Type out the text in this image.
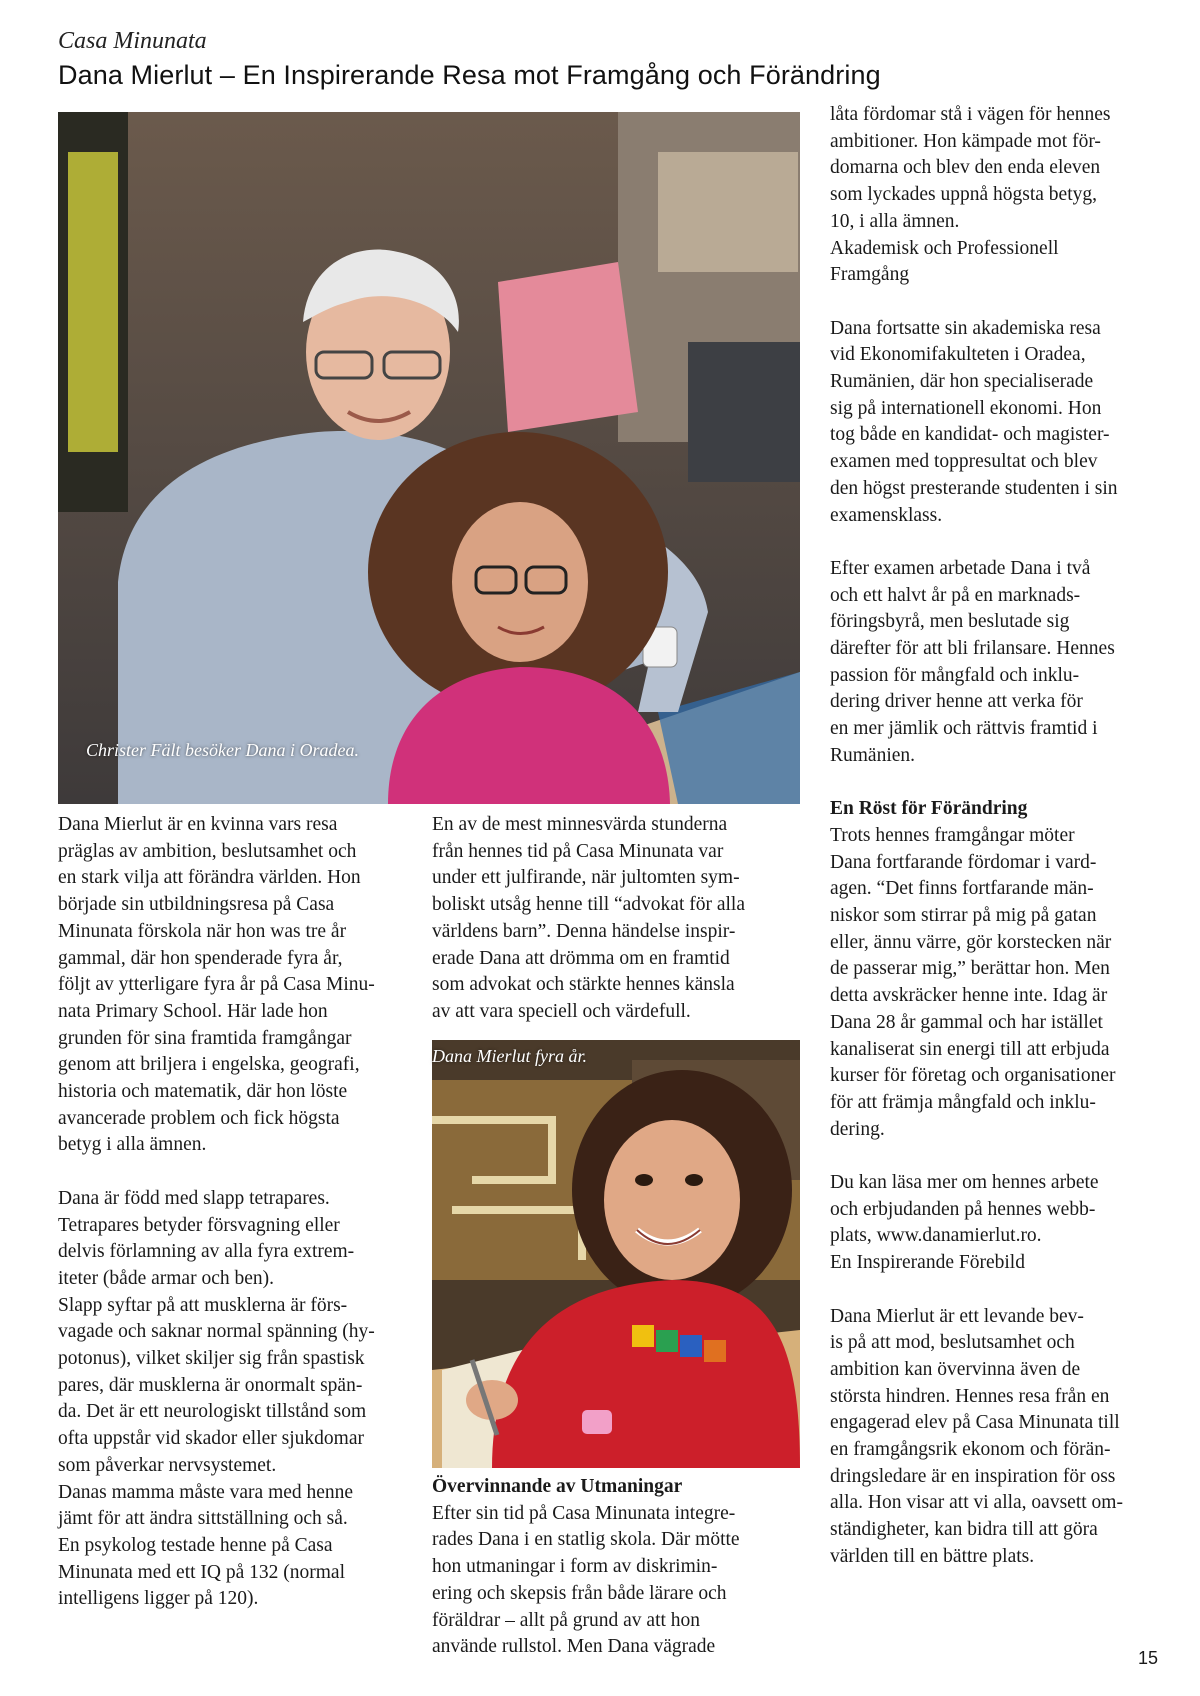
Casa Minunata
Dana Mierlut – En Inspirerande Resa mot Framgång och Förändring
Christer Fält besöker Dana i Oradea.

Dana Mierlut är en kvinna vars resa

präglas av ambition, beslutsamhet och

en stark vilja att förändra världen. Hon

började sin utbildningsresa på Casa

Minunata förskola när hon was tre år

gammal, där hon spenderade fyra år,

följt av ytterligare fyra år på Casa Minu-

nata Primary School. Här lade hon

grunden för sina framtida framgångar

genom att briljera i engelska, geografi,

historia och matematik, där hon löste

avancerade problem och fick högsta

betyg i alla ämnen.

Dana är född med slapp tetrapares.

Tetrapares betyder försvagning eller

delvis förlamning av alla fyra extrem-

iteter (både armar och ben).

Slapp syftar på att musklerna är förs-

vagade och saknar normal spänning (hy-

potonus), vilket skiljer sig från spastisk

pares, där musklerna är onormalt spän-

da. Det är ett neurologiskt tillstånd som

ofta uppstår vid skador eller sjukdomar

som påverkar nervsystemet.

Danas mamma måste vara med henne

jämt för att ändra sittställning och så.

En psykolog testade henne på Casa

Minunata med ett IQ på 132 (normal

intelligens ligger på 120).

En av de mest minnesvärda stunderna

från hennes tid på Casa Minunata var

under ett julfirande, när jultomten sym-

boliskt utsåg henne till “advokat för alla

världens barn”. Denna händelse inspir-

erade Dana att drömma om en framtid

som advokat och stärkte hennes känsla

av att vara speciell och värdefull.

Dana Mierlut fyra år.
Övervinnande av Utmaningar

Efter sin tid på Casa Minunata integre-

rades Dana i en statlig skola. Där mötte

hon utmaningar i form av diskrimin-

ering och skepsis från både lärare och

föräldrar – allt på grund av att hon

använde rullstol. Men Dana vägrade

låta fördomar stå i vägen för hennes

ambitioner. Hon kämpade mot för-

domarna och blev den enda eleven

som lyckades uppnå högsta betyg,

10, i alla ämnen.

Akademisk och Professionell

Framgång

Dana fortsatte sin akademiska resa

vid Ekonomifakulteten i Oradea,

Rumänien, där hon specialiserade

sig på internationell ekonomi. Hon

tog både en kandidat- och magister-

examen med toppresultat och blev

den högst presterande studenten i sin

examensklass.

Efter examen arbetade Dana i två

och ett halvt år på en marknads-

föringsbyrå, men beslutade sig

därefter för att bli frilansare. Hennes

passion för mångfald och inklu-

dering driver henne att verka för

en mer jämlik och rättvis framtid i

Rumänien.

En Röst för Förändring

Trots hennes framgångar möter

Dana fortfarande fördomar i vard-

agen. “Det finns fortfarande män-

niskor som stirrar på mig på gatan

eller, ännu värre, gör korstecken när

de passerar mig,” berättar hon. Men

detta avskräcker henne inte. Idag är

Dana 28 år gammal och har istället

kanaliserat sin energi till att erbjuda

kurser för företag och organisationer

för att främja mångfald och inklu-

dering.

Du kan läsa mer om hennes arbete

och erbjudanden på hennes webb-

plats, www.danamierlut.ro.

En Inspirerande Förebild

Dana Mierlut är ett levande bev-

is på att mod, beslutsamhet och

ambition kan övervinna även de

största hindren. Hennes resa från en

engagerad elev på Casa Minunata till

en framgångsrik ekonom och förän-

dringsledare är en inspiration för oss

alla. Hon visar att vi alla, oavsett om-

ständigheter, kan bidra till att göra

världen till en bättre plats.

15
